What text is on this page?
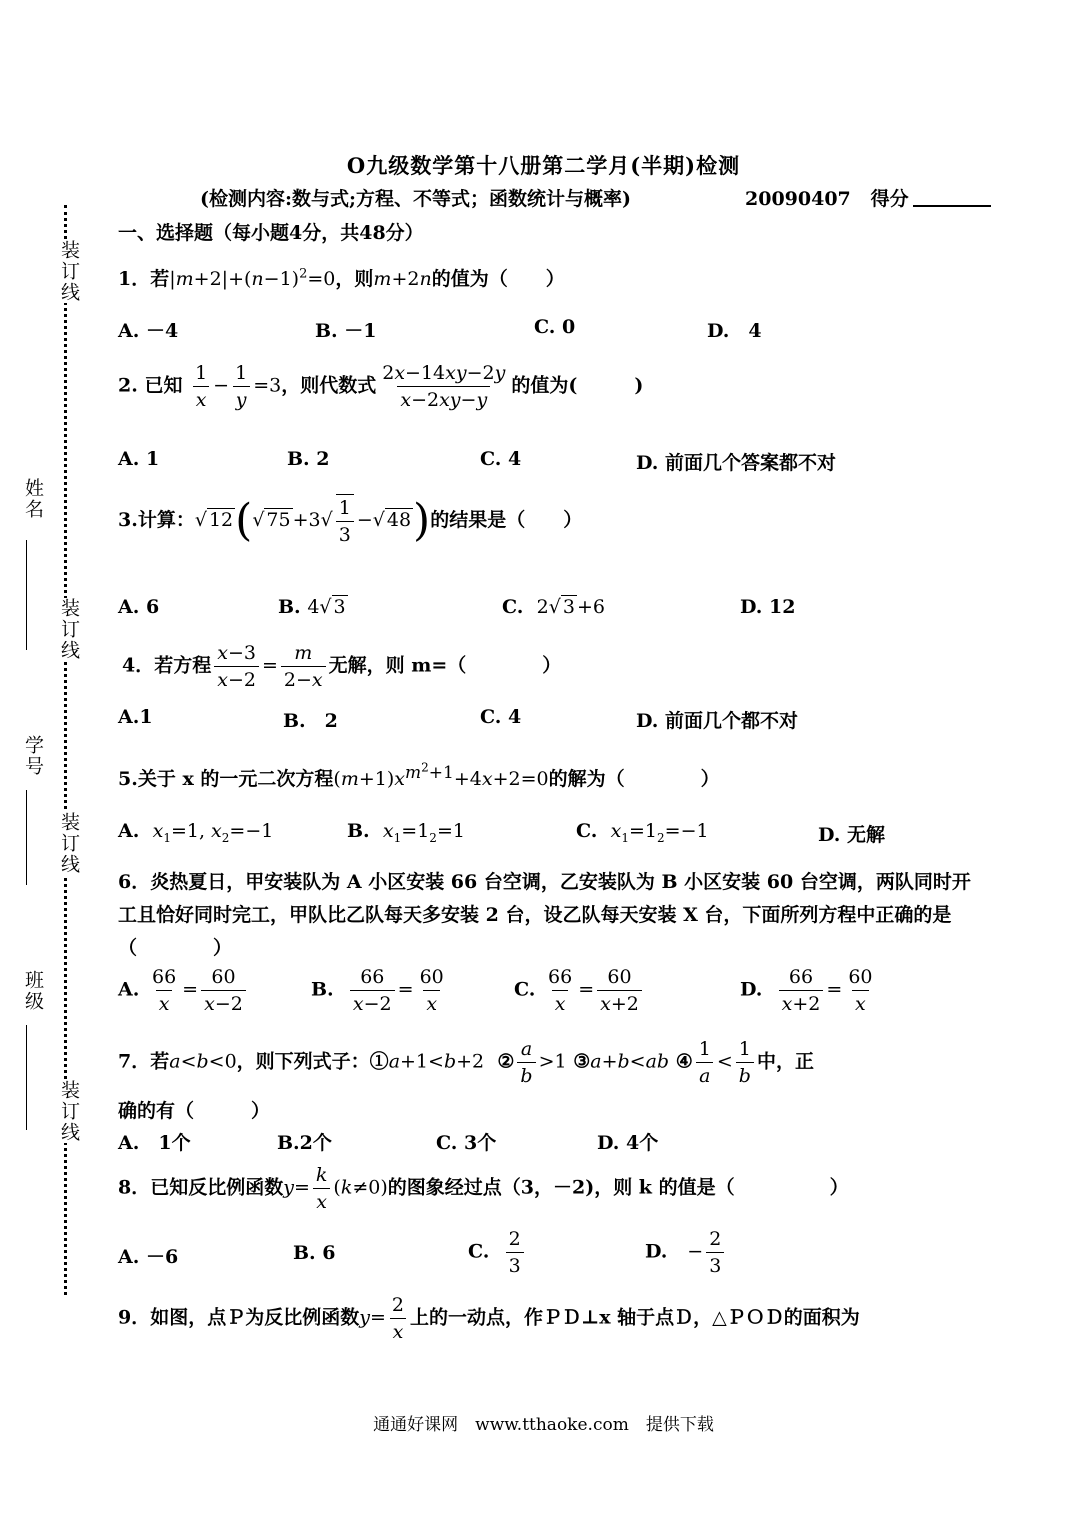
装订线
装订线
装订线
装订线
姓名
学号
班级
O九级数学第十八册第二学月(半期)检测
(检测内容:数与式;方程、不等式；函数统计与概率)	20090407 得分
一、选择题（每小题4分，共48分）
1．若$|m+2|+(n-1)^2=0$，则m+2n的值为（　　）
A. －4	B. －1	C. 0	D.　4
2. 已知 $\frac{1}{x} - \frac{1}{y} =3$，则代数式 $\frac{2x-14xy-2y}{x-2xy-y}$ 的值为(　　　)
A. 1	B. 2	C. 4	D. 前面几个答案都不对
3.计算：√ 12(√ $75 +3√ \frac{1}{3}$ −√ 48)的结果是（　　）
A. 6	B. 4√ 3	C. 2√ 3 +6	D. 12
4．若方程 $\frac{x-3}{x-2} = \frac{m}{2-x}$ 无解，则 m=（　　　　）
A.1	B.　2	C. 4	D. 前面几个都不对
5.关于 x 的一元二次方程$(m+1)x^{m^2+1}+4x+2=0$的解为（　　　　）
A. $x_1=1$, $x_2=-1$	B. $x_1=1_2=1$	C. $x_1=1_2=-1$	D. 无解
6．炎热夏日，甲安装队为 A 小区安装 66 台空调，乙安装队为 B 小区安装 60 台空调，两队同时开工且恰好同时完工，甲队比乙队每天多安装 2 台，设乙队每天安装 X 台，下面所列方程中正确的是（　　　　）
A. $\frac{66}{x} = \frac{60}{x-2}$	B. $\frac{66}{x-2} = \frac{60}{x}$	C. $\frac{66}{x} = \frac{60}{x+2}$	D. $\frac{66}{x+2} = \frac{60}{x}$
7．若a<b<0，则下列式子：①a+1<b+2  ② $\frac{a}{b} >1$ ③a+b<ab ④ $\frac{1}{a} < \frac{1}{b}$ 中，正
确的有（　　　）
A.　1个	B.2个	C. 3个	D. 4个
8．已知反比例函数$y= \frac{k}{x} (k\ne 0)$的图象经过点（3，－2)，则 k 的值是（　　　　　）
A. －6	B. 6	C. $\frac{2}{3}$	D. − $\frac{2}{3}$
9．如图，点Ｐ为反比例函数$y= \frac{2}{x}$ 上的一动点，作ＰＤ⊥x 轴于点Ｄ，△ＰＯＤ的面积为
通通好课网　www.tthaoke.com　提供下载
